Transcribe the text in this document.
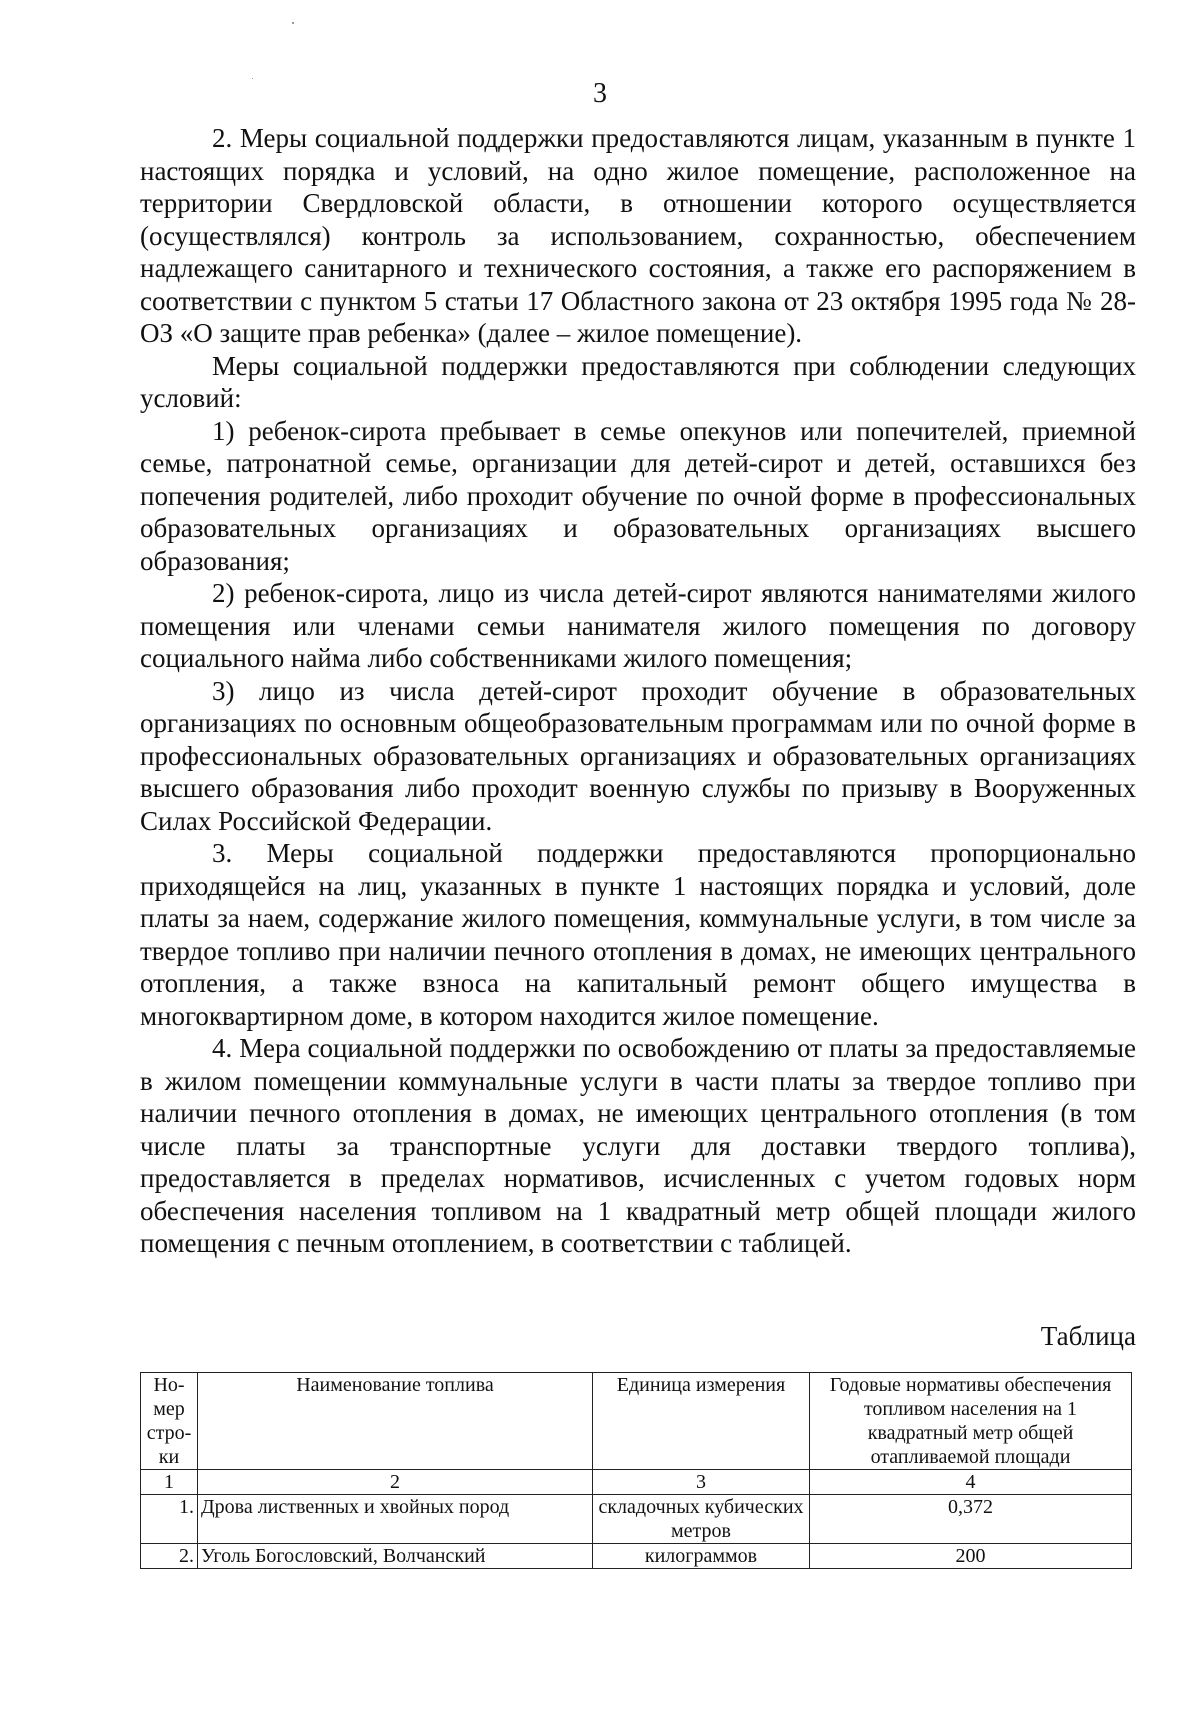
3

2. Меры социальной поддержки предоставляются лицам, указанным в пункте 1 настоящих порядка и условий, на одно жилое помещение, расположенное на территории Свердловской области, в отношении которого осуществляется (осуществлялся) контроль за использованием, сохранностью, обеспечением надлежащего санитарного и технического состояния, а также его распоряжением в соответствии с пунктом 5 статьи 17 Областного закона от 23 октября 1995 года № 28-ОЗ «О защите прав ребенка» (далее – жилое помещение).

Меры социальной поддержки предоставляются при соблюдении следующих условий:

1) ребенок-сирота пребывает в семье опекунов или попечителей, приемной семье, патронатной семье, организации для детей-сирот и детей, оставшихся без попечения родителей, либо проходит обучение по очной форме в профессиональных образовательных организациях и образовательных организациях высшего образования;

2) ребенок-сирота, лицо из числа детей-сирот являются нанимателями жилого помещения или членами семьи нанимателя жилого помещения по договору социального найма либо собственниками жилого помещения;

3) лицо из числа детей-сирот проходит обучение в образовательных организациях по основным общеобразовательным программам или по очной форме в профессиональных образовательных организациях и образовательных организациях высшего образования либо проходит военную службы по призыву в Вооруженных Силах Российской Федерации.

3. Меры социальной поддержки предоставляются пропорционально приходящейся на лиц, указанных в пункте 1 настоящих порядка и условий, доле платы за наем, содержание жилого помещения, коммунальные услуги, в том числе за твердое топливо при наличии печного отопления в домах, не имеющих центрального отопления, а также взноса на капитальный ремонт общего имущества в многоквартирном доме, в котором находится жилое помещение.

4. Мера социальной поддержки по освобождению от платы за предоставляемые в жилом помещении коммунальные услуги в части платы за твердое топливо при наличии печного отопления в домах, не имеющих центрального отопления (в том числе платы за транспортные услуги для доставки твердого топлива), предоставляется в пределах нормативов, исчисленных с учетом годовых норм обеспечения населения топливом на 1 квадратный метр общей площади жилого помещения с печным отоплением, в соответствии с таблицей.

Таблица
Но-мер стро-ки	Наименование топлива	Единица измерения	Годовые нормативы обеспечения топливом населения на 1 квадратный метр общей отапливаемой площади
1	2	3	4
1.	Дрова лиственных и хвойных пород	складочных кубических метров	0,372
2.	Уголь Богословский, Волчанский	килограммов	200
